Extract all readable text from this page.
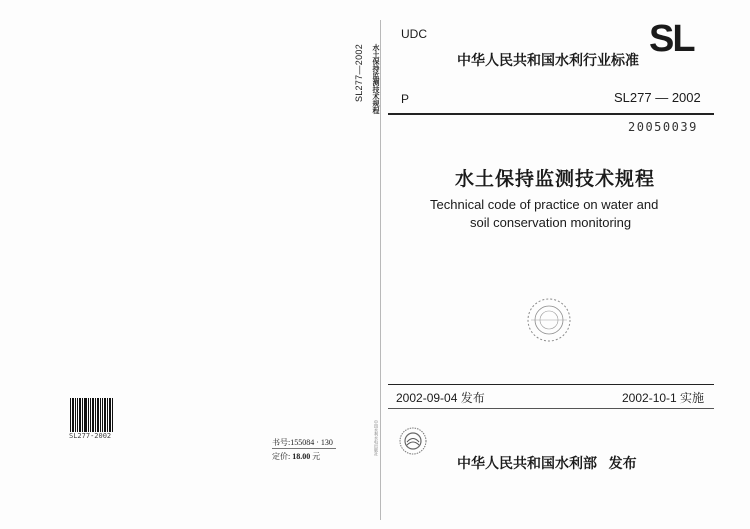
SL277-2002
书号:155084 · 130
定价: 18.00 元
SL277—2002 水土保持监测技术规程
中国水利水电出版社
UDC	SL
中华人民共和国水利行业标准
P	SL277 — 2002
20050039
水土保持监测技术规程
Technical code of practice on water and
soil conservation monitoring
2002-09-04 发布	2002-10-1 实施
中华人民共和国水利部   发布
